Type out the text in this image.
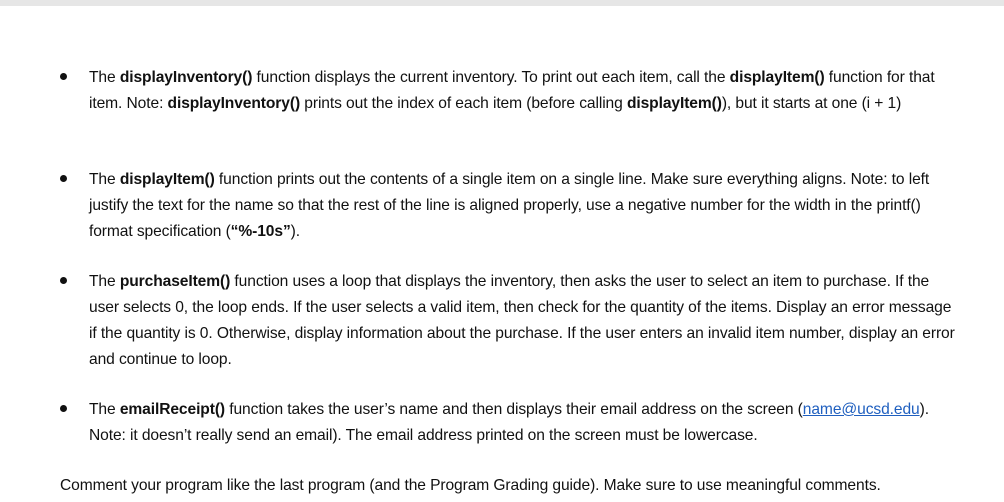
The displayInventory() function displays the current inventory. To print out each item, call the displayItem() function for that item. Note: displayInventory() prints out the index of each item (before calling displayItem()), but it starts at one (i + 1)
The displayItem() function prints out the contents of a single item on a single line. Make sure everything aligns. Note: to left justify the text for the name so that the rest of the line is aligned properly, use a negative number for the width in the printf() format specification (“%-10s”).
The purchaseItem() function uses a loop that displays the inventory, then asks the user to select an item to purchase. If the user selects 0, the loop ends. If the user selects a valid item, then check for the quantity of the items. Display an error message if the quantity is 0. Otherwise, display information about the purchase. If the user enters an invalid item number, display an error and continue to loop.
The emailReceipt() function takes the user’s name and then displays their email address on the screen (name@ucsd.edu). Note: it doesn’t really send an email). The email address printed on the screen must be lowercase.
Comment your program like the last program (and the Program Grading guide). Make sure to use meaningful comments.
